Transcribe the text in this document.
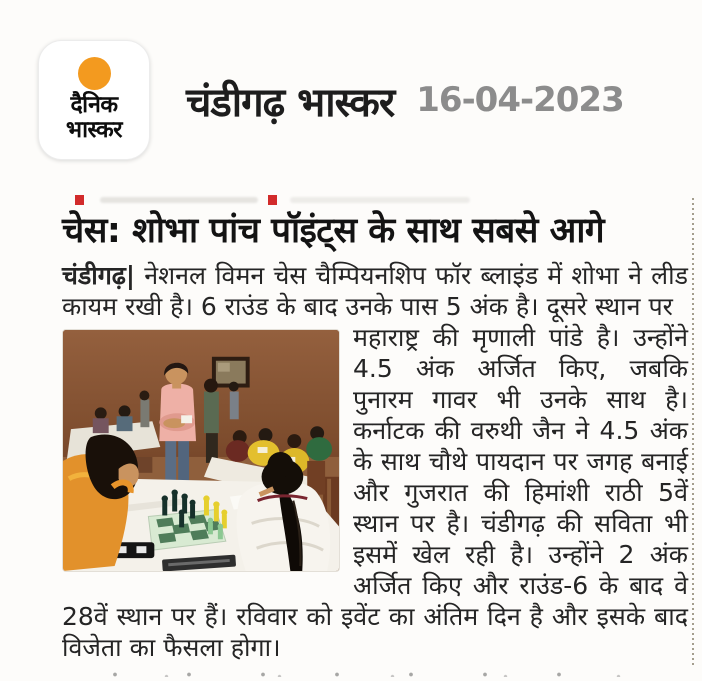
दैनिक
भास्कर
चंडीगढ़ भास्कर 16-04-2023
चेस: शोभा पांच पॉइंट्स के साथ सबसे आगे

चंडीगढ़| नेशनल विमन चेस चैम्पियनशिप फॉर ब्लाइंड में शोभा ने लीड कायम रखी है। 6 राउंड के बाद उनके पास 5 अंक है। दूसरे स्थान पर

महाराष्ट्र की मृणाली पांडे है। उन्होंने 4.5 अंक अर्जित किए, जबकि पुनारम गावर भी उनके साथ है। कर्नाटक की वरुथी जैन ने 4.5 अंक के साथ चौथे पायदान पर जगह बनाई और गुजरात की हिमांशी राठी 5वें स्थान पर है। चंडीगढ़ की सविता भी इसमें खेल रही है। उन्होंने 2 अंक अर्जित किए और राउंड-6 के बाद वे 28वें स्थान पर हैं। रविवार को इवेंट का अंतिम दिन है और इसके बाद विजेता का फैसला होगा।
